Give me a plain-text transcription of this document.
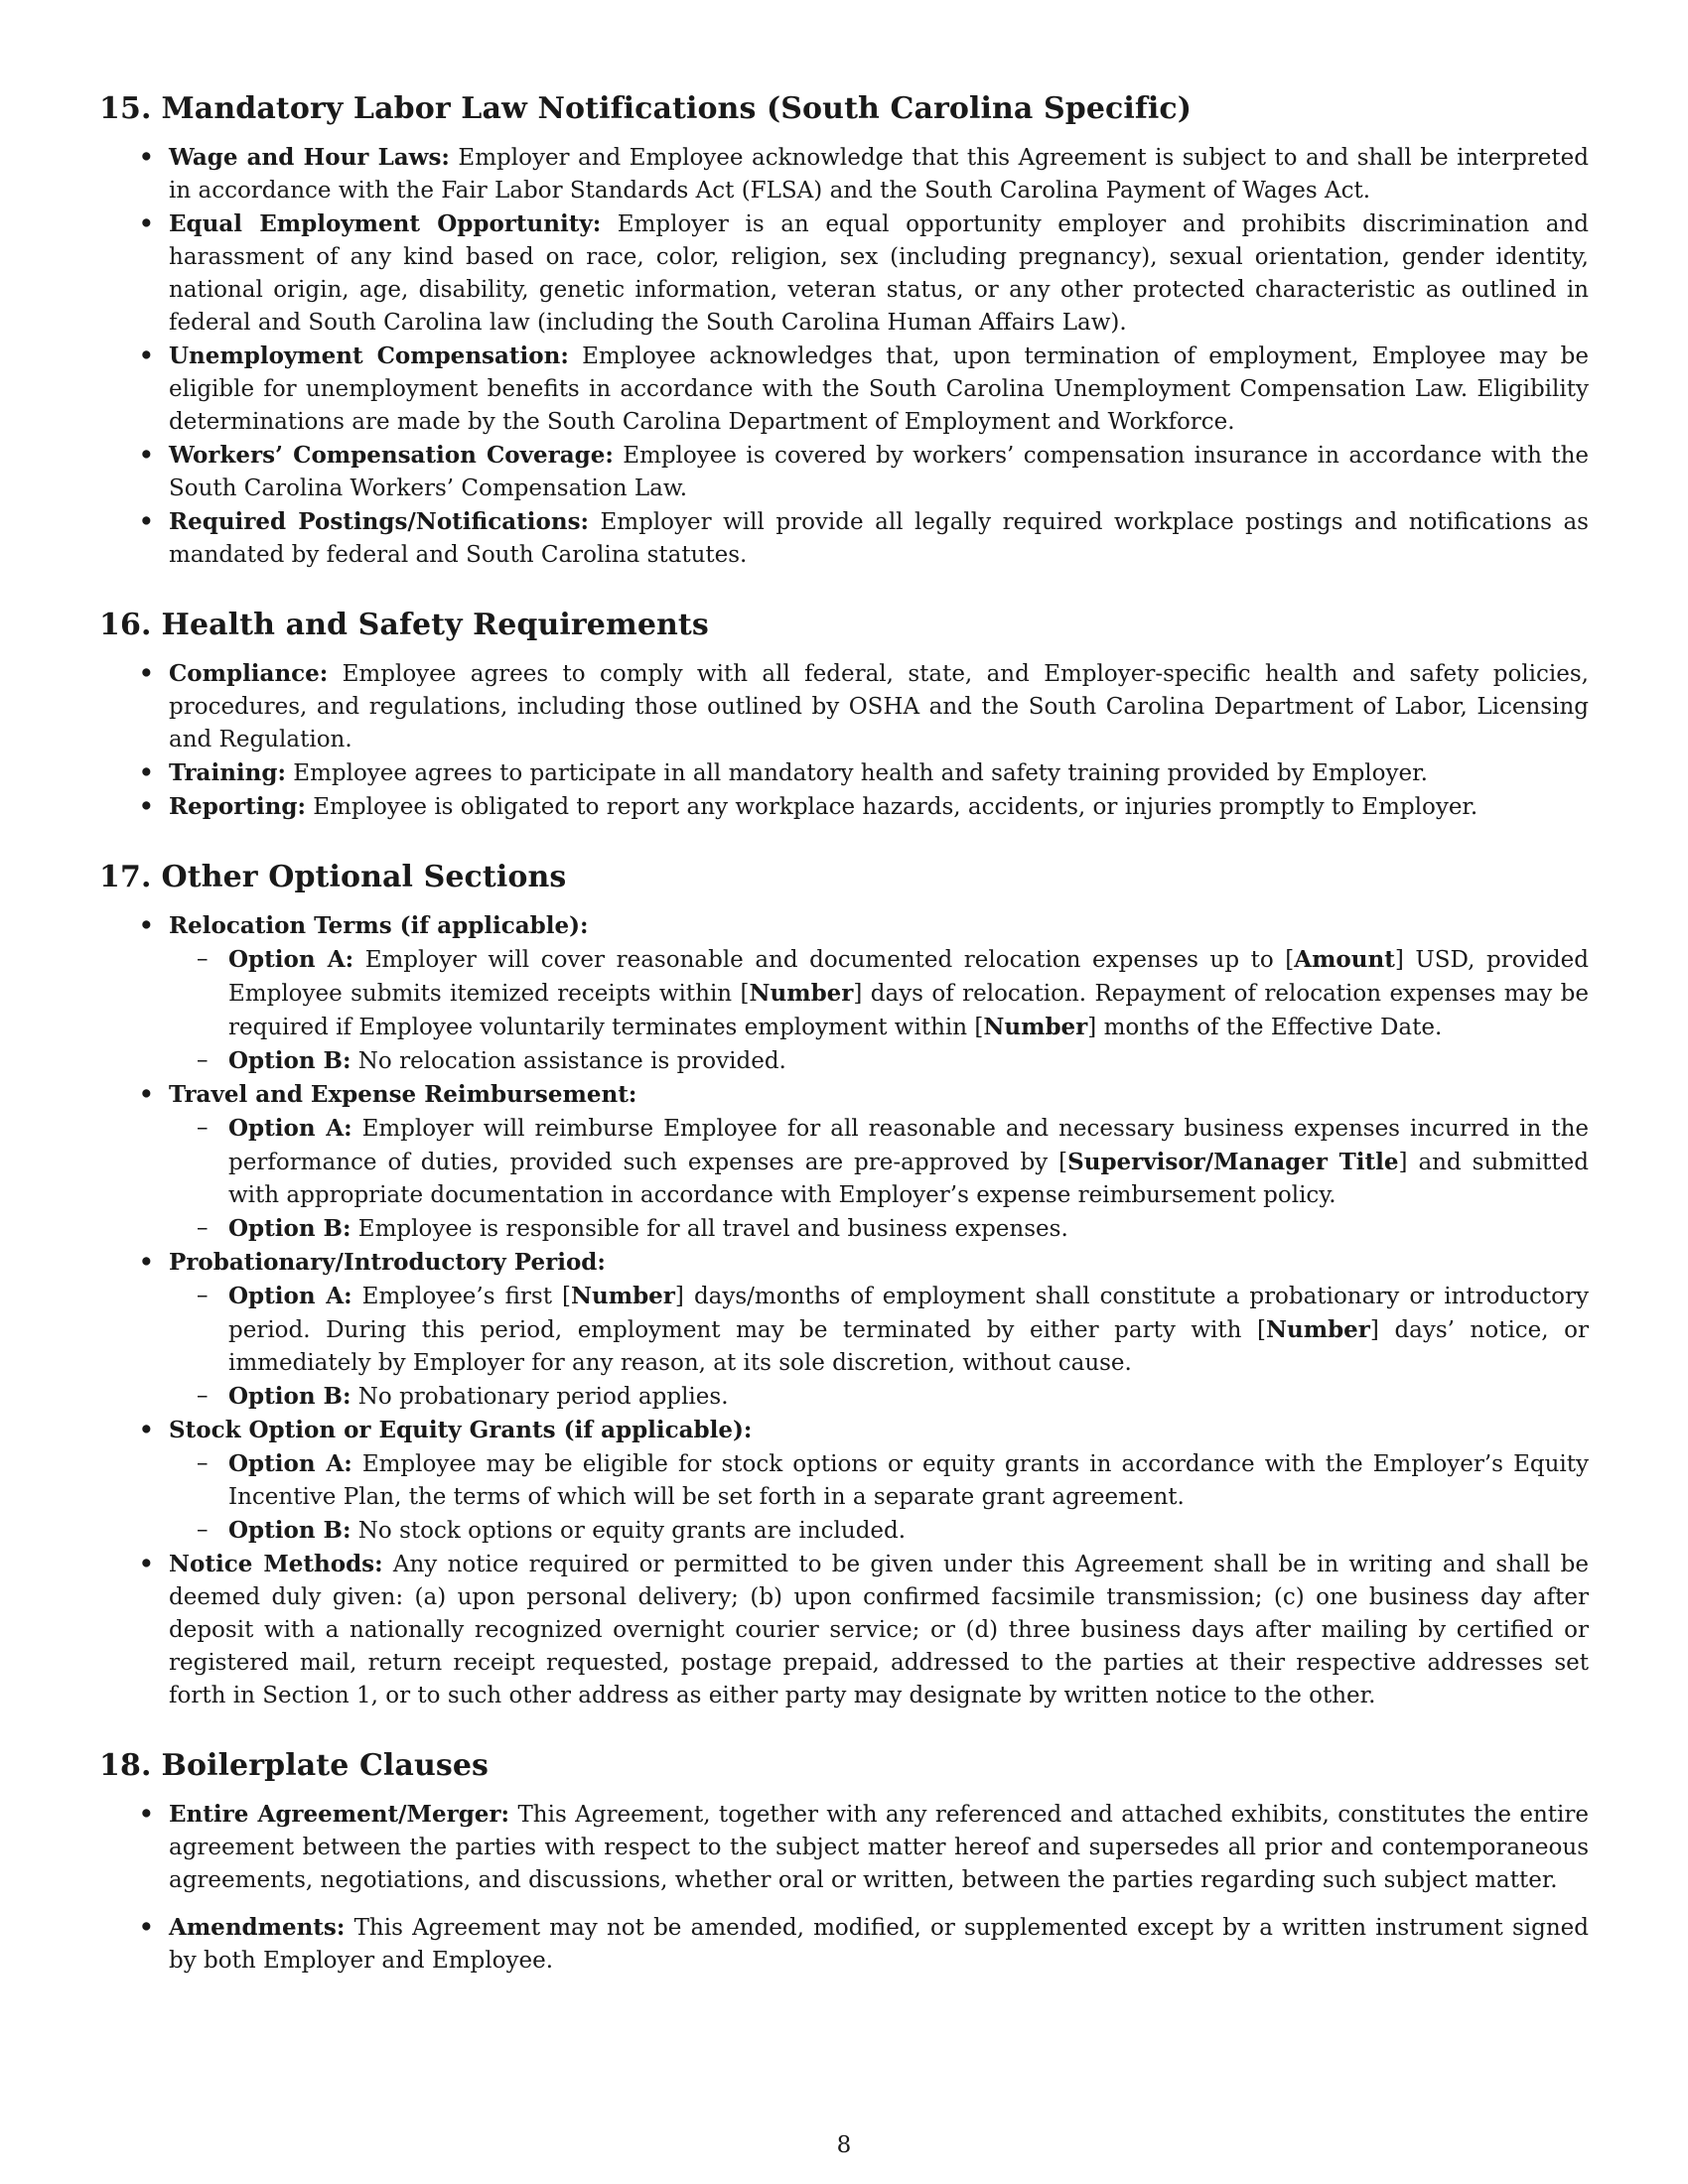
15. Mandatory Labor Law Notifications (South Carolina Specific)
• Wage and Hour Laws: Employer and Employee acknowledge that this Agreement is subject to and shall be interpreted in accordance with the Fair Labor Standards Act (FLSA) and the South Carolina Payment of Wages Act.
• Equal Employment Opportunity: Employer is an equal opportunity employer and prohibits discrimination and harassment of any kind based on race, color, religion, sex (including pregnancy), sexual orientation, gender identity, national origin, age, disability, genetic information, veteran status, or any other protected characteristic as outlined in federal and South Carolina law (including the South Carolina Human Affairs Law).
• Unemployment Compensation: Employee acknowledges that, upon termination of employment, Employee may be eligible for unemployment benefits in accordance with the South Carolina Unemployment Compensation Law. Eligibility determinations are made by the South Carolina Department of Employment and Workforce.
• Workers’ Compensation Coverage: Employee is covered by workers’ compensation insurance in accordance with the South Carolina Workers’ Compensation Law.
• Required Postings/Notifications: Employer will provide all legally required workplace postings and notifications as mandated by federal and South Carolina statutes.
16. Health and Safety Requirements
• Compliance: Employee agrees to comply with all federal, state, and Employer-specific health and safety policies, procedures, and regulations, including those outlined by OSHA and the South Carolina Department of Labor, Licensing and Regulation.
• Training: Employee agrees to participate in all mandatory health and safety training provided by Employer.
• Reporting: Employee is obligated to report any workplace hazards, accidents, or injuries promptly to Employer.
17. Other Optional Sections
• Relocation Terms (if applicable):
– Option A: Employer will cover reasonable and documented relocation expenses up to [Amount] USD, provided Employee submits itemized receipts within [Number] days of relocation. Repayment of relocation expenses may be required if Employee voluntarily terminates employment within [Number] months of the Effective Date.
– Option B: No relocation assistance is provided.
• Travel and Expense Reimbursement:
– Option A: Employer will reimburse Employee for all reasonable and necessary business expenses incurred in the performance of duties, provided such expenses are pre-approved by [Supervisor/Manager Title] and submitted with appropriate documentation in accordance with Employer’s expense reimbursement policy.
– Option B: Employee is responsible for all travel and business expenses.
• Probationary/Introductory Period:
– Option A: Employee’s first [Number] days/months of employment shall constitute a probationary or introductory period. During this period, employment may be terminated by either party with [Number] days’ notice, or immediately by Employer for any reason, at its sole discretion, without cause.
– Option B: No probationary period applies.
• Stock Option or Equity Grants (if applicable):
– Option A: Employee may be eligible for stock options or equity grants in accordance with the Employer’s Equity Incentive Plan, the terms of which will be set forth in a separate grant agreement.
– Option B: No stock options or equity grants are included.
• Notice Methods: Any notice required or permitted to be given under this Agreement shall be in writing and shall be deemed duly given: (a) upon personal delivery; (b) upon confirmed facsimile transmission; (c) one business day after deposit with a nationally recognized overnight courier service; or (d) three business days after mailing by certified or registered mail, return receipt requested, postage prepaid, addressed to the parties at their respective addresses set forth in Section 1, or to such other address as either party may designate by written notice to the other.
18. Boilerplate Clauses
• Entire Agreement/Merger: This Agreement, together with any referenced and attached exhibits, constitutes the entire agreement between the parties with respect to the subject matter hereof and supersedes all prior and contemporaneous agreements, negotiations, and discussions, whether oral or written, between the parties regarding such subject matter.
• Amendments: This Agreement may not be amended, modified, or supplemented except by a written instrument signed by both Employer and Employee.
8
